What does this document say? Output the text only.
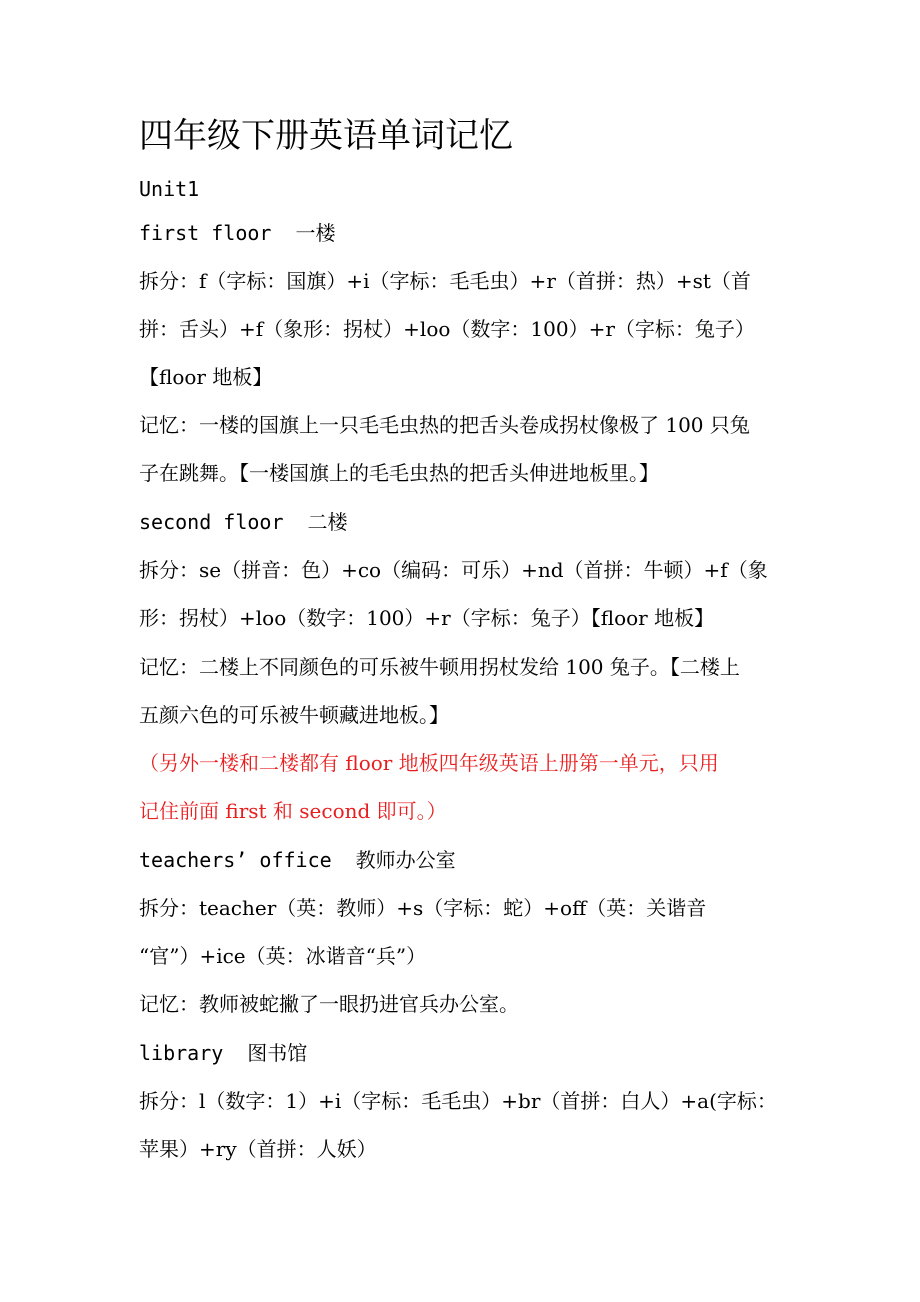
四年级下册英语单词记忆
Unit1
first floor 一楼
拆分：f（字标：国旗）+i（字标：毛毛虫）+r（首拼：热）+st（首
拼：舌头）+f（象形：拐杖）+loo（数字：100）+r（字标：兔子）
【floor 地板】
记忆：一楼的国旗上一只毛毛虫热的把舌头卷成拐杖像极了 100 只兔
子在跳舞。【一楼国旗上的毛毛虫热的把舌头伸进地板里。】
second floor 二楼
拆分：se（拼音：色）+co（编码：可乐）+nd（首拼：牛顿）+f（象
形：拐杖）+loo（数字：100）+r（字标：兔子）【floor 地板】
记忆：二楼上不同颜色的可乐被牛顿用拐杖发给 100 兔子。【二楼上
五颜六色的可乐被牛顿藏进地板。】
（另外一楼和二楼都有 floor 地板四年级英语上册第一单元，只用
记住前面 first 和 second 即可。）
teachers’ office 教师办公室
拆分：teacher（英：教师）+s（字标：蛇）+off（英：关谐音
“官”）+ice（英：冰谐音“兵”）
记忆：教师被蛇撇了一眼扔进官兵办公室。
library 图书馆
拆分：l（数字：1）+i（字标：毛毛虫）+br（首拼：白人）+a(字标：
苹果）+ry（首拼：人妖）
